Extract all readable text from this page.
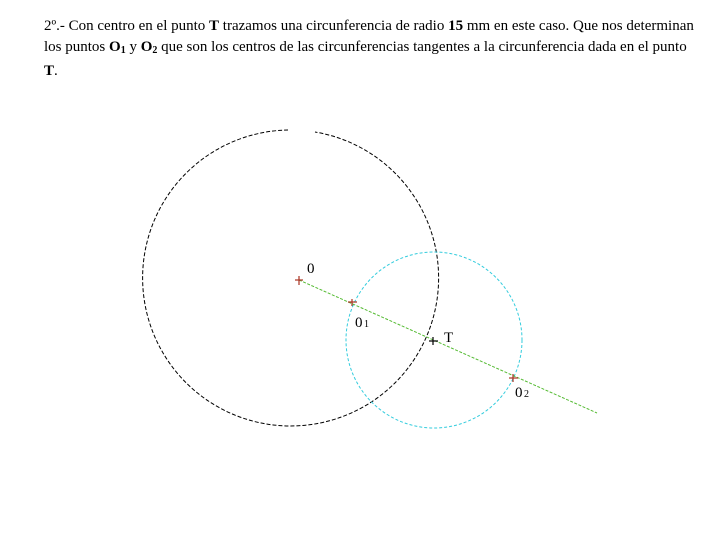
2º.- Con centro en el punto T trazamos una circunferencia de radio 15 mm en este caso. Que nos determinan los puntos $O_1$ y $O_2$ que son los centros de las circunferencias tangentes a la circunferencia dada en el punto T.

0
0 1
T
0 2
